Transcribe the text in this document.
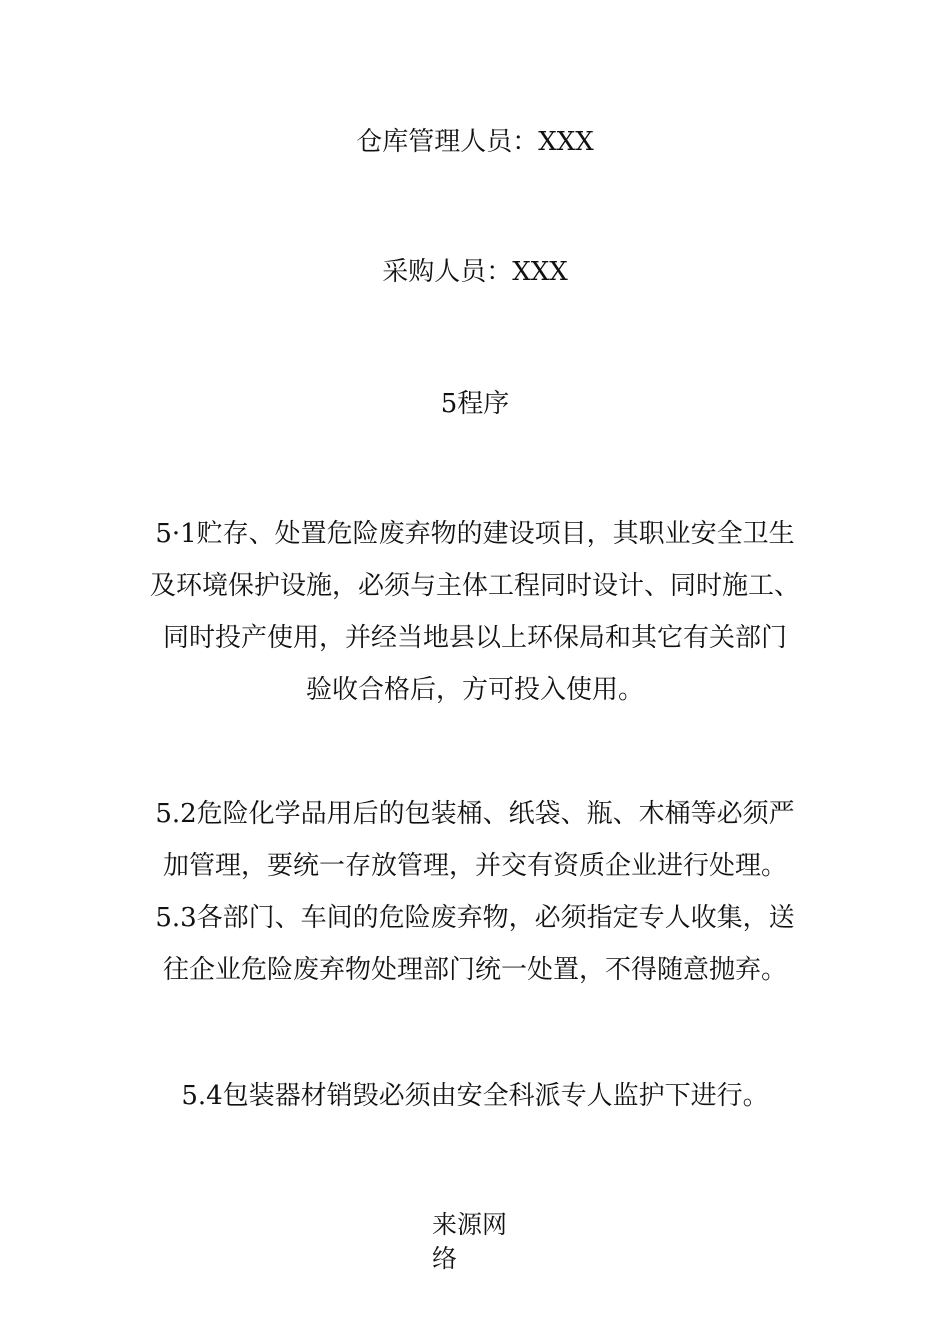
仓库管理人员：XXX
采购人员：XXX
5程序

5·1贮存、处置危险废弃物的建设项目，其职业安全卫生

及环境保护设施，必须与主体工程同时设计、同时施工、

同时投产使用，并经当地县以上环保局和其它有关部门

验收合格后，方可投入使用。

5.2危险化学品用后的包装桶、纸袋、瓶、木桶等必须严

加管理，要统一存放管理，并交有资质企业进行处理。

5.3各部门、车间的危险废弃物，必须指定专人收集，送

往企业危险废弃物处理部门统一处置，不得随意抛弃。

5.4包装器材销毁必须由安全科派专人监护下进行。
来源网
络
